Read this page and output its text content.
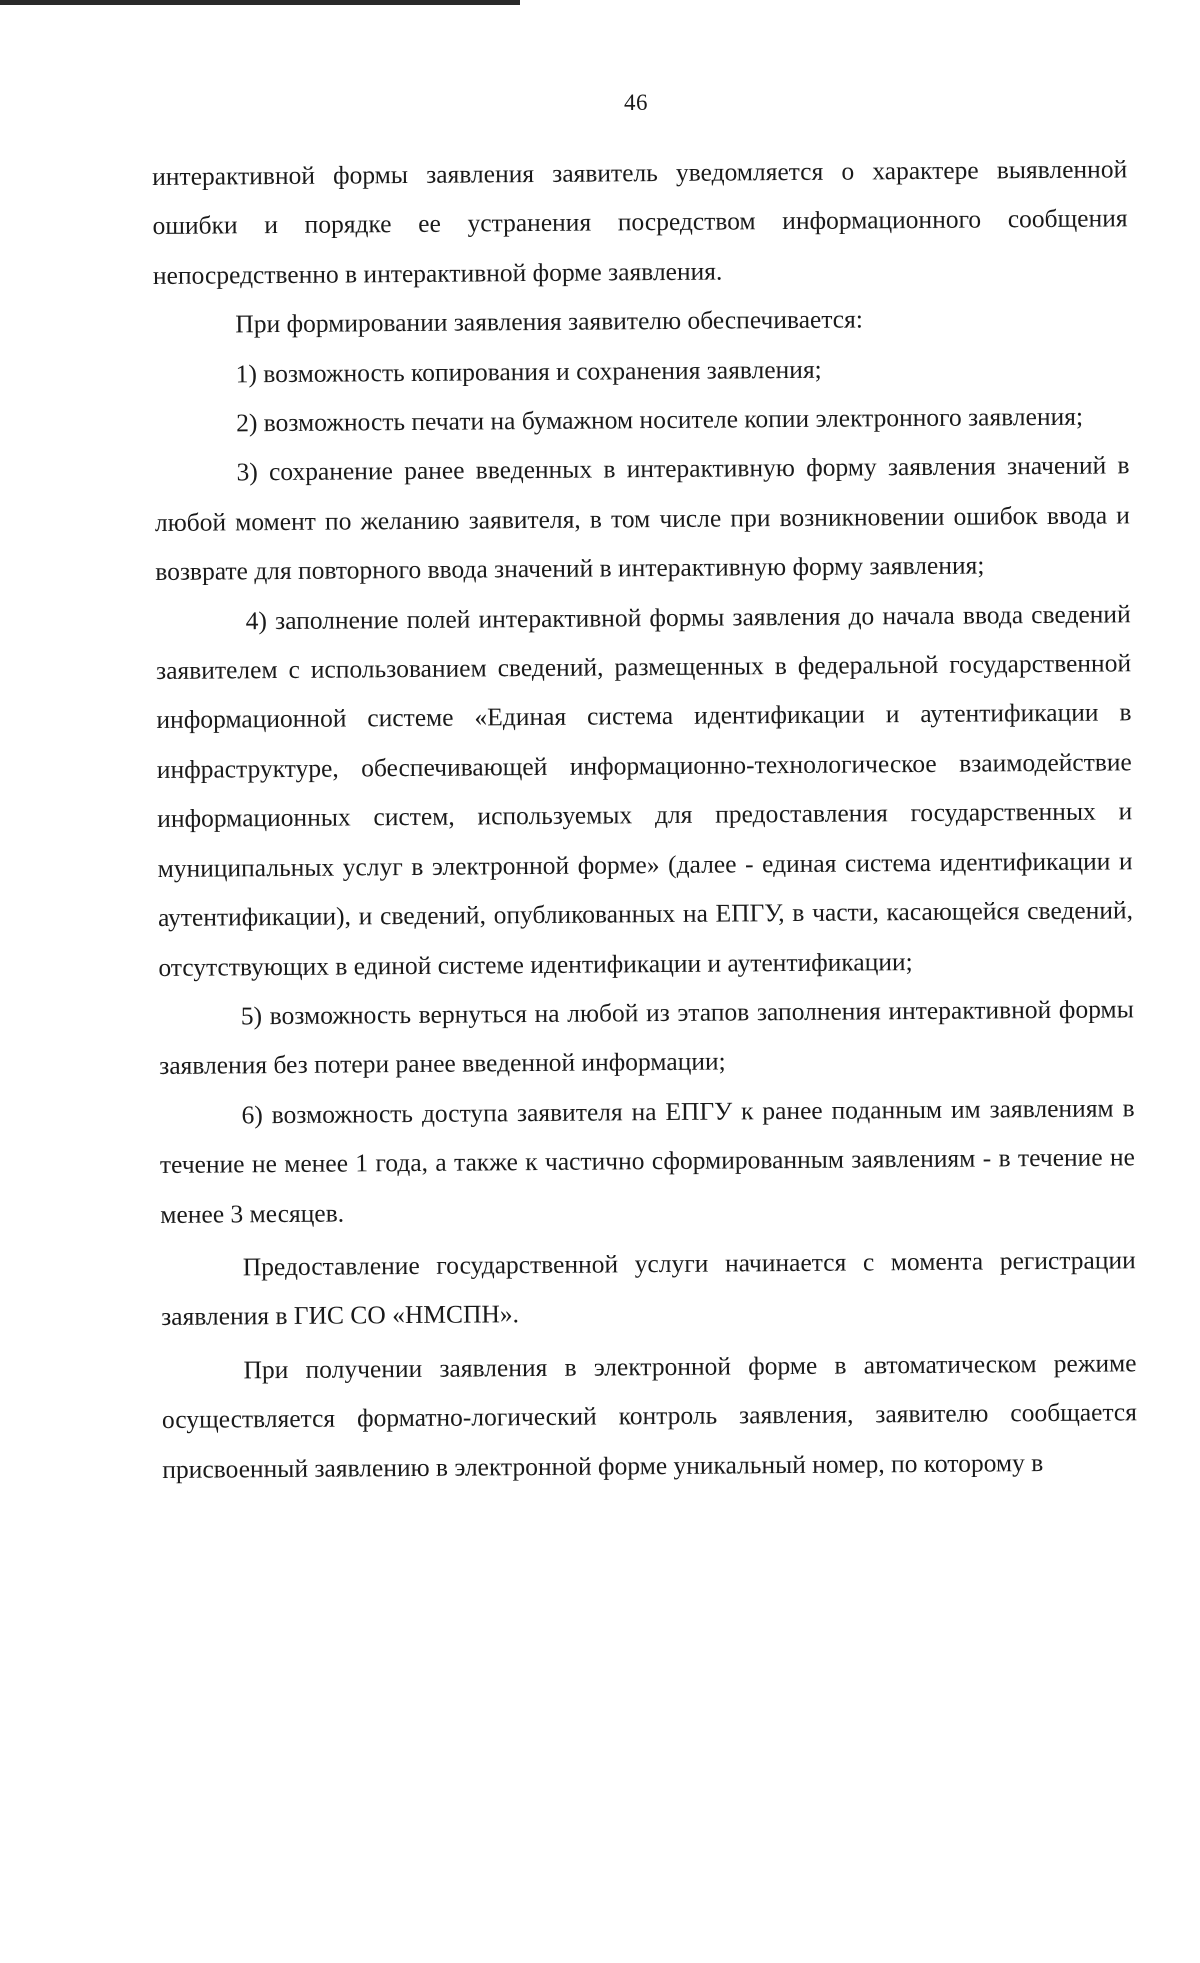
46

интерактивной формы заявления заявитель уведомляется о характере выявленной ошибки и порядке ее устранения посредством информационного сообщения непосредственно в интерактивной форме заявления.

При формировании заявления заявителю обеспечивается:

1) возможность копирования и сохранения заявления;

2) возможность печати на бумажном носителе копии электронного заявления;

3) сохранение ранее введенных в интерактивную форму заявления значений в любой момент по желанию заявителя, в том числе при возникновении ошибок ввода и возврате для повторного ввода значений в интерактивную форму заявления;

4) заполнение полей интерактивной формы заявления до начала ввода сведений заявителем с использованием сведений, размещенных в федеральной государственной информационной системе «Единая система идентификации и аутентификации в инфраструктуре, обеспечивающей информационно-технологическое взаимодействие информационных систем, используемых для предоставления государственных и муниципальных услуг в электронной форме» (далее - единая система идентификации и аутентификации), и сведений, опубликованных на ЕПГУ, в части, касающейся сведений, отсутствующих в единой системе идентификации и аутентификации;

5) возможность вернуться на любой из этапов заполнения интерактивной формы заявления без потери ранее введенной информации;

6) возможность доступа заявителя на ЕПГУ к ранее поданным им заявлениям в течение не менее 1 года, а также к частично сформированным заявлениям - в течение не менее 3 месяцев.

Предоставление государственной услуги начинается с момента регистрации заявления в ГИС СО «НМСПН».

При получении заявления в электронной форме в автоматическом режиме осуществляется форматно-логический контроль заявления, заявителю сообщается присвоенный заявлению в электронной форме уникальный номер, по которому в
